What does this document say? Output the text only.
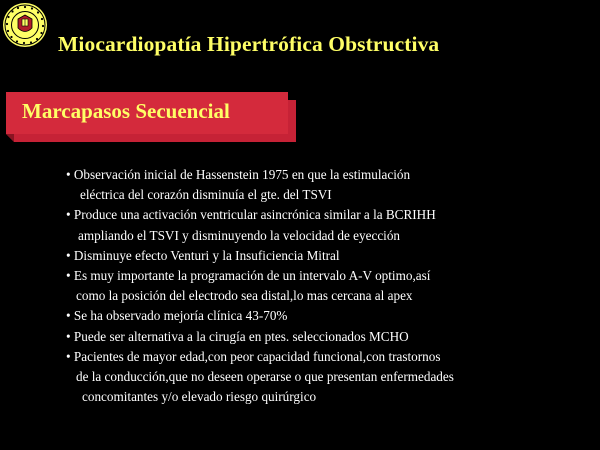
Miocardiopatía Hipertrófica Obstructiva
Marcapasos Secuencial

• Observación inicial de Hassenstein 1975 en que la estimulación

eléctrica del corazón disminuía el gte. del TSVI

• Produce una activación ventricular asincrónica similar a la BCRIHH

ampliando el TSVI y disminuyendo la velocidad de eyección

• Disminuye efecto Venturi y la Insuficiencia Mitral

• Es muy importante la programación de un intervalo A-V optimo,así

como la posición del electrodo sea distal,lo mas cercana al apex

• Se ha observado mejoría clínica 43-70%

• Puede ser alternativa a la cirugía en ptes. seleccionados MCHO

• Pacientes de mayor edad,con peor capacidad funcional,con trastornos

de la conducción,que no deseen operarse o que presentan enfermedades

concomitantes y/o elevado riesgo quirúrgico
